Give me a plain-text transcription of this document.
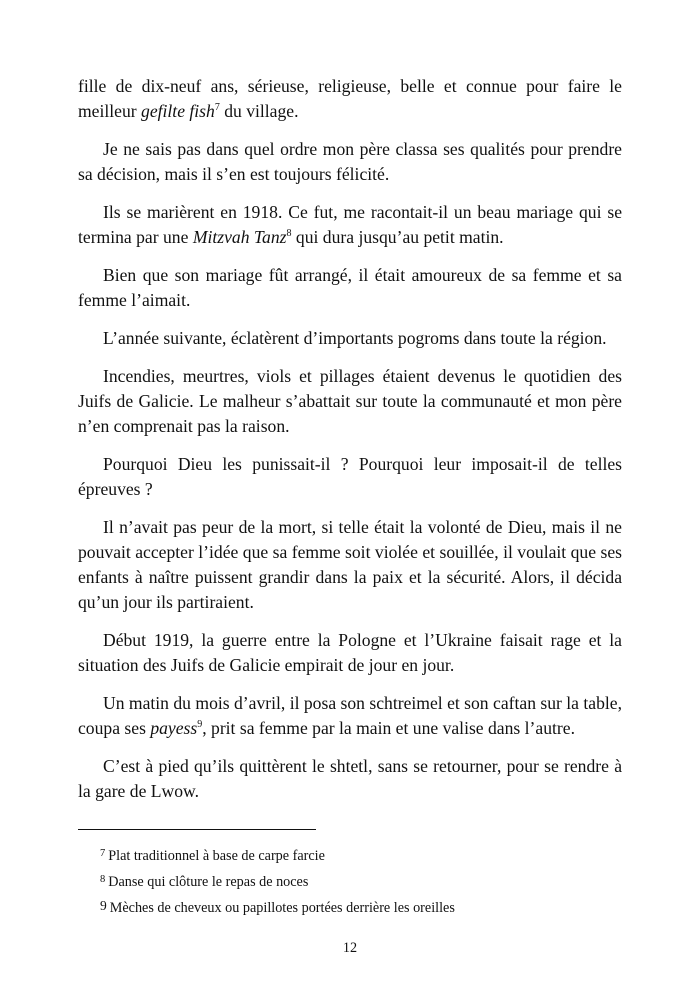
fille de dix-neuf ans, sérieuse, religieuse, belle et connue pour faire le meilleur gefilte fish$^7$ du village.

Je ne sais pas dans quel ordre mon père classa ses qualités pour prendre sa décision, mais il s’en est toujours félicité.

Ils se marièrent en 1918. Ce fut, me racontait-il un beau mariage qui se termina par une Mitzvah Tanz$^8$ qui dura jusqu’au petit matin.

Bien que son mariage fût arrangé, il était amoureux de sa femme et sa femme l’aimait.

L’année suivante, éclatèrent d’importants pogroms dans toute la région.

Incendies, meurtres, viols et pillages étaient devenus le quotidien des Juifs de Galicie. Le malheur s’abattait sur toute la communauté et mon père n’en comprenait pas la raison.

Pourquoi Dieu les punissait-il ? Pourquoi leur imposait-il de telles épreuves ?

Il n’avait pas peur de la mort, si telle était la volonté de Dieu, mais il ne pouvait accepter l’idée que sa femme soit violée et souillée, il voulait que ses enfants à naître puissent grandir dans la paix et la sécurité. Alors, il décida qu’un jour ils partiraient.

Début 1919, la guerre entre la Pologne et l’Ukraine faisait rage et la situation des Juifs de Galicie empirait de jour en jour.

Un matin du mois d’avril, il posa son schtreimel et son caftan sur la table, coupa ses payess$^9$, prit sa femme par la main et une valise dans l’autre.

C’est à pied qu’ils quittèrent le shtetl, sans se retourner, pour se rendre à la gare de Lwow.

$^7$ Plat traditionnel à base de carpe farcie
$^8$ Danse qui clôture le repas de noces
9 Mèches de cheveux ou papillotes portées derrière les oreilles
12
